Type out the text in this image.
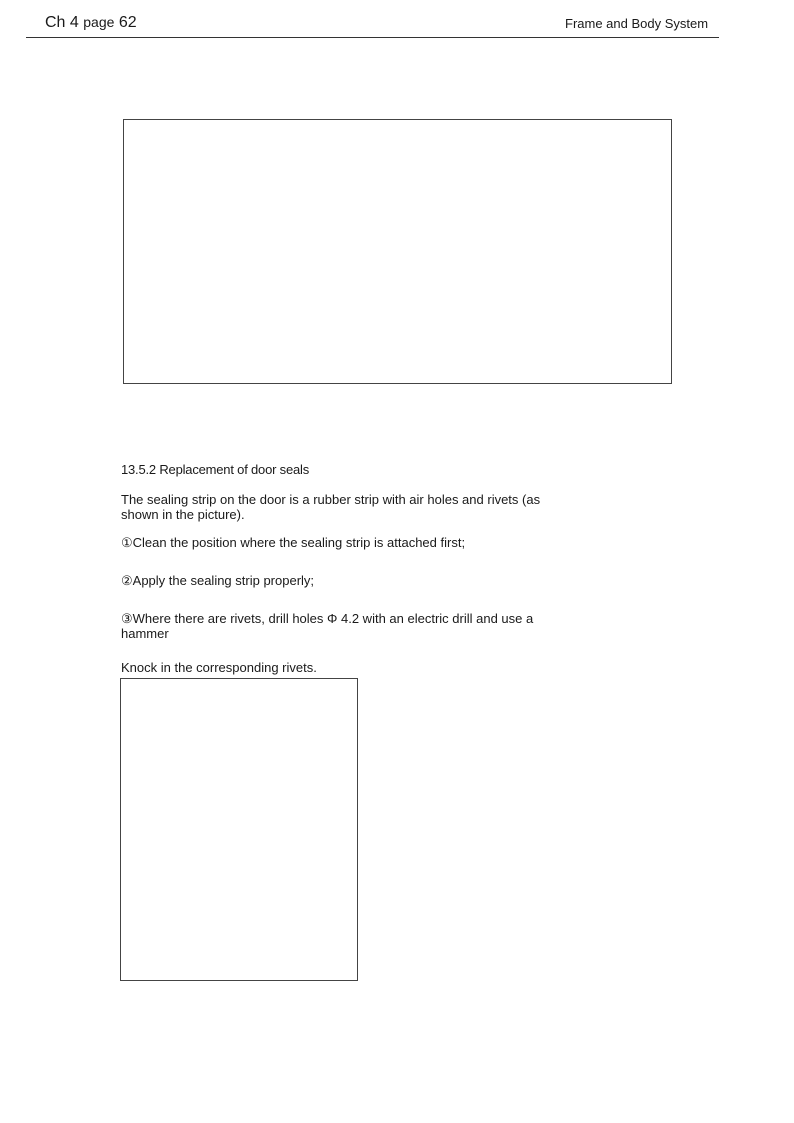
Ch 4 page 62	Frame and Body System
13.5.2 Replacement of door seals
The sealing strip on the door is a rubber strip with air holes and rivets (as
shown in the picture).
①Clean the position where the sealing strip is attached first;
②Apply the sealing strip properly;
③Where there are rivets, drill holes Φ 4.2 with an electric drill and use a
hammer
Knock in the corresponding rivets.
